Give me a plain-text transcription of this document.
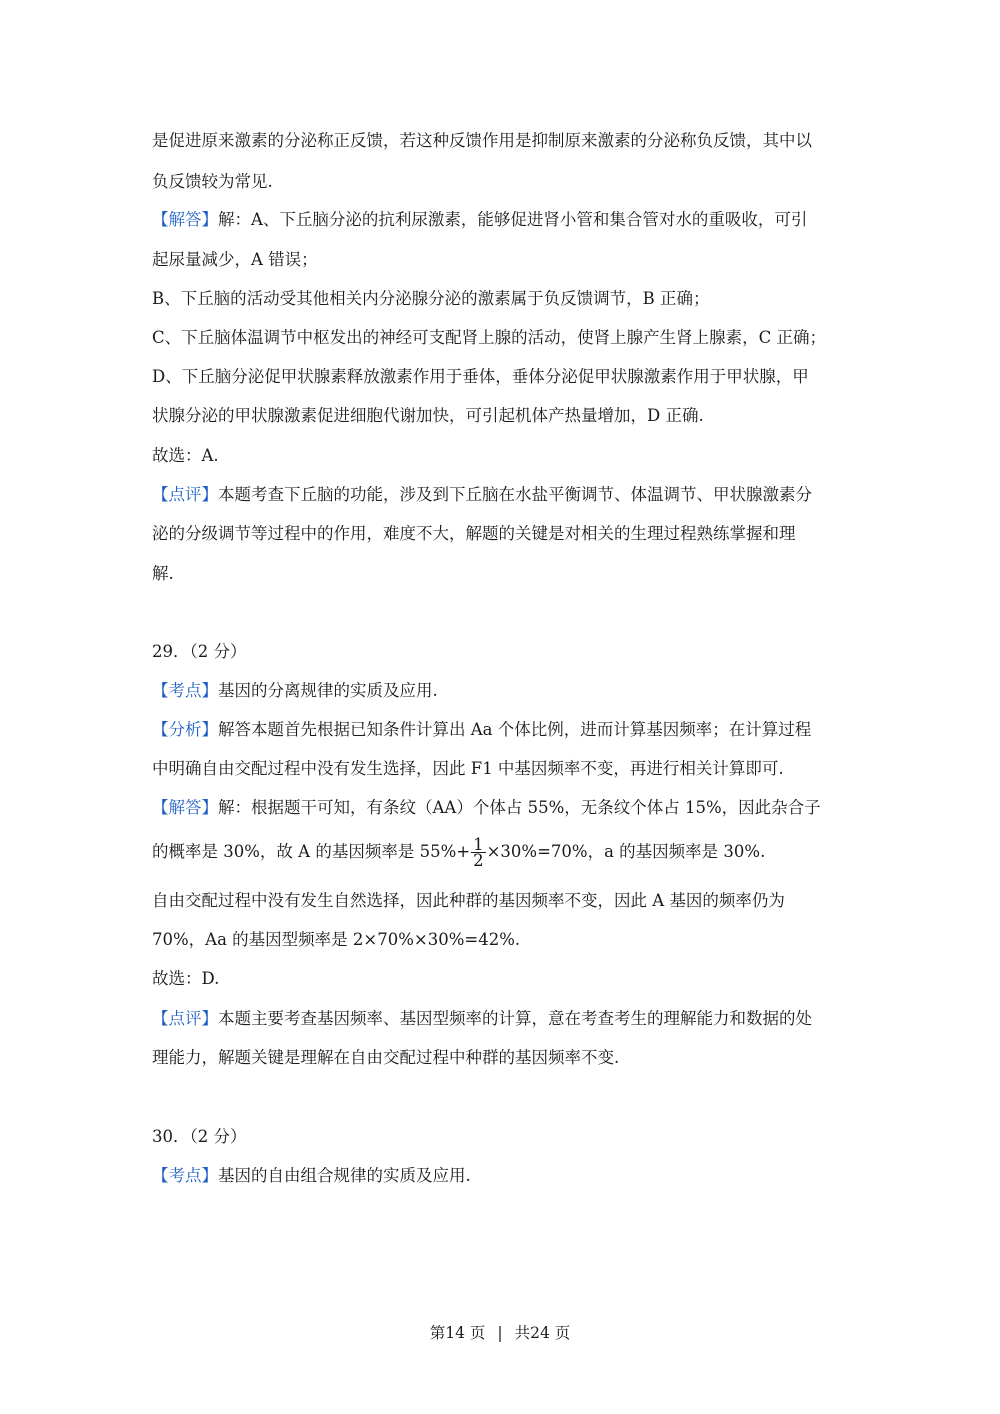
是促进原来激素的分泌称正反馈，若这种反馈作用是抑制原来激素的分泌称负反馈，其中以
负反馈较为常见.
【解答】解：A、下丘脑分泌的抗利尿激素，能够促进肾小管和集合管对水的重吸收，可引
起尿量减少，A 错误；
B、下丘脑的活动受其他相关内分泌腺分泌的激素属于负反馈调节，B 正确；
C、下丘脑体温调节中枢发出的神经可支配肾上腺的活动，使肾上腺产生肾上腺素，C 正确；
D、下丘脑分泌促甲状腺素释放激素作用于垂体，垂体分泌促甲状腺激素作用于甲状腺，甲
状腺分泌的甲状腺激素促进细胞代谢加快，可引起机体产热量增加，D 正确.
故选：A.
【点评】本题考查下丘脑的功能，涉及到下丘脑在水盐平衡调节、体温调节、甲状腺激素分
泌的分级调节等过程中的作用，难度不大，解题的关键是对相关的生理过程熟练掌握和理
解.
29．（2 分）
【考点】基因的分离规律的实质及应用.
【分析】解答本题首先根据已知条件计算出 Aa 个体比例，进而计算基因频率；在计算过程
中明确自由交配过程中没有发生选择，因此 F1 中基因频率不变，再进行相关计算即可.
【解答】解：根据题干可知，有条纹（AA）个体占 55%，无条纹个体占 15%，因此杂合子
的概率是 30%，故 A 的基因频率是 $55\%+ \frac{1}{2} \times 30\%=70\%$，a 的基因频率是 30%.
自由交配过程中没有发生自然选择，因此种群的基因频率不变，因此 A 基因的频率仍为
70%，Aa 的基因型频率是 2×70%×30%=42%.
故选：D.
【点评】本题主要考查基因频率、基因型频率的计算，意在考查考生的理解能力和数据的处
理能力，解题关键是理解在自由交配过程中种群的基因频率不变.
30．（2 分）
【考点】基因的自由组合规律的实质及应用.
第14 页 | 共24 页
